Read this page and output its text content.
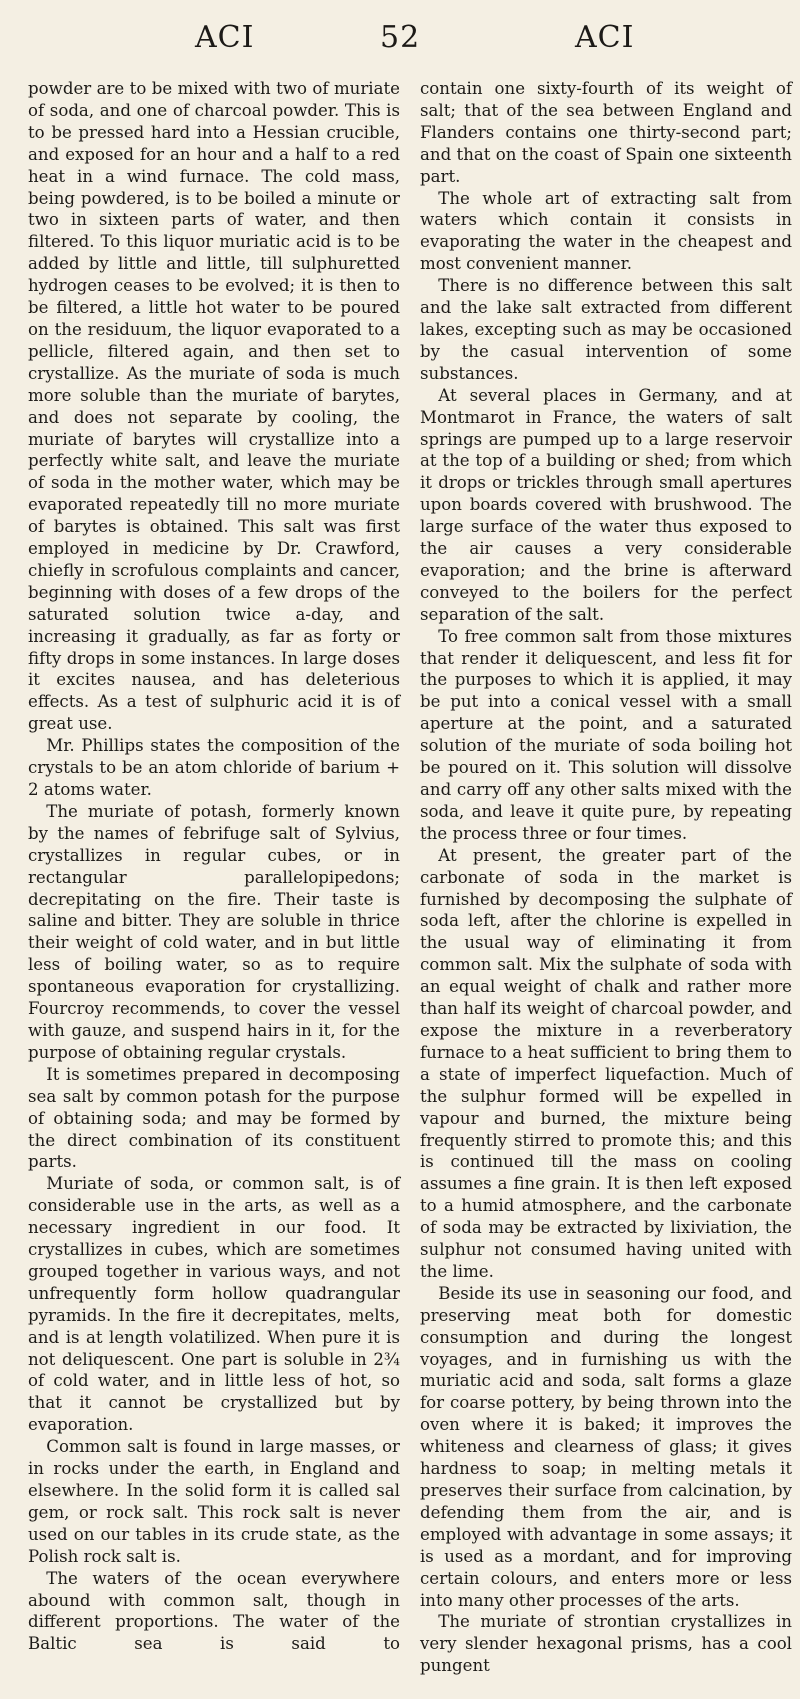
ACI	52	ACI

powder are to be mixed with two of muriate of soda, and one of charcoal powder. This is to be pressed hard into a Hessian crucible, and exposed for an hour and a half to a red heat in a wind furnace. The cold mass, being powdered, is to be boiled a minute or two in sixteen parts of water, and then filtered. To this liquor muriatic acid is to be added by little and little, till sulphuretted hydrogen ceases to be evolved; it is then to be filtered, a little hot water to be poured on the residuum, the liquor evaporated to a pellicle, filtered again, and then set to crystallize. As the muriate of soda is much more soluble than the muriate of barytes, and does not separate by cooling, the muriate of barytes will crystallize into a perfectly white salt, and leave the muriate of soda in the mother water, which may be evaporated repeatedly till no more muriate of barytes is obtained. This salt was first employed in medicine by Dr. Crawford, chiefly in scrofulous complaints and cancer, beginning with doses of a few drops of the saturated solution twice a-day, and increasing it gradually, as far as forty or fifty drops in some instances. In large doses it excites nausea, and has deleterious effects. As a test of sulphuric acid it is of great use.

Mr. Phillips states the composition of the crystals to be an atom chloride of barium + 2 atoms water.

The muriate of potash, formerly known by the names of febrifuge salt of Sylvius, crystallizes in regular cubes, or in rectangular parallelopipedons; decrepitating on the fire. Their taste is saline and bitter. They are soluble in thrice their weight of cold water, and in but little less of boiling water, so as to require spontaneous evaporation for crystallizing. Fourcroy recommends, to cover the vessel with gauze, and suspend hairs in it, for the purpose of obtaining regular crystals.

It is sometimes prepared in decomposing sea salt by common potash for the purpose of obtaining soda; and may be formed by the direct combination of its constituent parts.

Muriate of soda, or common salt, is of considerable use in the arts, as well as a necessary ingredient in our food. It crystallizes in cubes, which are sometimes grouped together in various ways, and not unfrequently form hollow quadrangular pyramids. In the fire it decrepitates, melts, and is at length volatilized. When pure it is not deliquescent. One part is soluble in 2¾ of cold water, and in little less of hot, so that it cannot be crystallized but by evaporation.

Common salt is found in large masses, or in rocks under the earth, in England and elsewhere. In the solid form it is called sal gem, or rock salt. This rock salt is never used on our tables in its crude state, as the Polish rock salt is.

The waters of the ocean everywhere abound with common salt, though in different proportions. The water of the Baltic sea is said to

contain one sixty-fourth of its weight of salt; that of the sea between England and Flanders contains one thirty-second part; and that on the coast of Spain one sixteenth part.

The whole art of extracting salt from waters which contain it consists in evaporating the water in the cheapest and most convenient manner.

There is no difference between this salt and the lake salt extracted from different lakes, excepting such as may be occasioned by the casual intervention of some substances.

At several places in Germany, and at Montmarot in France, the waters of salt springs are pumped up to a large reservoir at the top of a building or shed; from which it drops or trickles through small apertures upon boards covered with brushwood. The large surface of the water thus exposed to the air causes a very considerable evaporation; and the brine is afterward conveyed to the boilers for the perfect separation of the salt.

To free common salt from those mixtures that render it deliquescent, and less fit for the purposes to which it is applied, it may be put into a conical vessel with a small aperture at the point, and a saturated solution of the muriate of soda boiling hot be poured on it. This solution will dissolve and carry off any other salts mixed with the soda, and leave it quite pure, by repeating the process three or four times.

At present, the greater part of the carbonate of soda in the market is furnished by decomposing the sulphate of soda left, after the chlorine is expelled in the usual way of eliminating it from common salt. Mix the sulphate of soda with an equal weight of chalk and rather more than half its weight of charcoal powder, and expose the mixture in a reverberatory furnace to a heat sufficient to bring them to a state of imperfect liquefaction. Much of the sulphur formed will be expelled in vapour and burned, the mixture being frequently stirred to promote this; and this is continued till the mass on cooling assumes a fine grain. It is then left exposed to a humid atmosphere, and the carbonate of soda may be extracted by lixiviation, the sulphur not consumed having united with the lime.

Beside its use in seasoning our food, and preserving meat both for domestic consumption and during the longest voyages, and in furnishing us with the muriatic acid and soda, salt forms a glaze for coarse pottery, by being thrown into the oven where it is baked; it improves the whiteness and clearness of glass; it gives hardness to soap; in melting metals it preserves their surface from calcination, by defending them from the air, and is employed with advantage in some assays; it is used as a mordant, and for improving certain colours, and enters more or less into many other processes of the arts.

The muriate of strontian crystallizes in very slender hexagonal prisms, has a cool pungent
